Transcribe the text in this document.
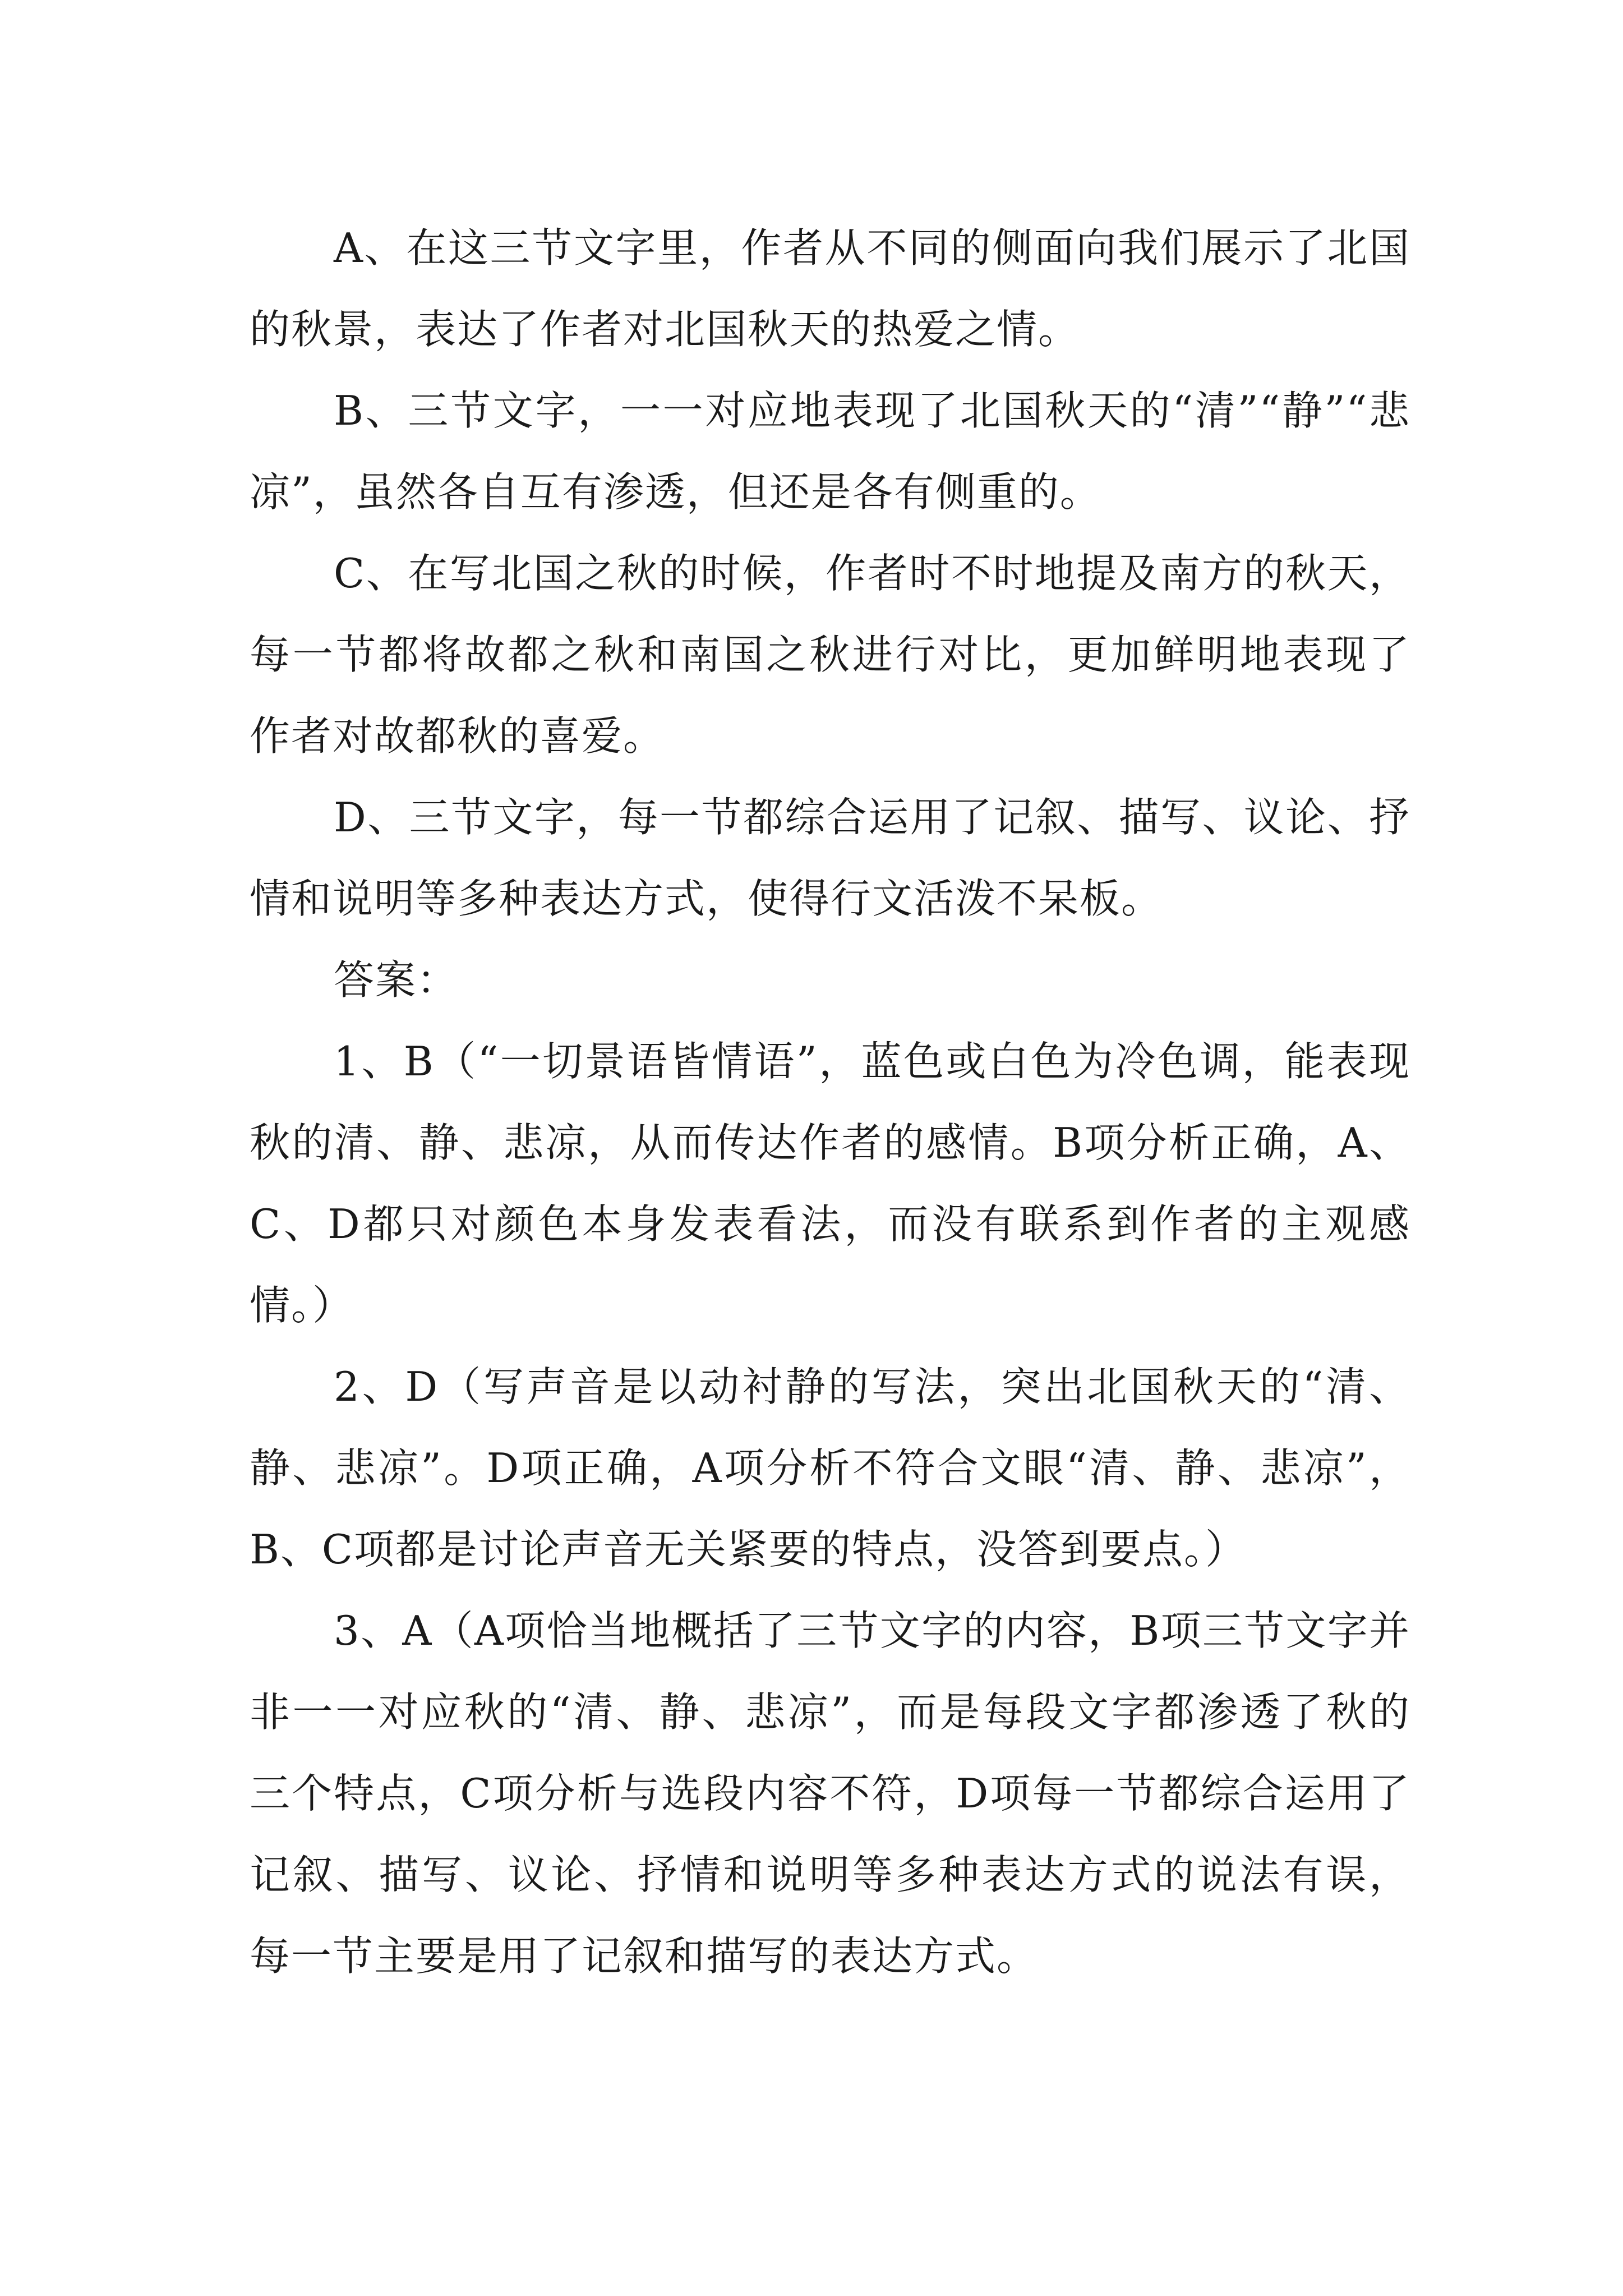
A、在这三节文字里，作者从不同的侧面向我们展示了北国的秋景，表达了作者对北国秋天的热爱之情。

B、三节文字，一一对应地表现了北国秋天的“清”“静”“悲凉”，虽然各自互有渗透，但还是各有侧重的。

C、在写北国之秋的时候，作者时不时地提及南方的秋天，每一节都将故都之秋和南国之秋进行对比，更加鲜明地表现了作者对故都秋的喜爱。

D、三节文字，每一节都综合运用了记叙、描写、议论、抒情和说明等多种表达方式，使得行文活泼不呆板。

答案：

1、B（“一切景语皆情语”，蓝色或白色为冷色调，能表现秋的清、静、悲凉，从而传达作者的感情。B项分析正确，A、C、D都只对颜色本身发表看法，而没有联系到作者的主观感情。）

2、D（写声音是以动衬静的写法，突出北国秋天的“清、静、悲凉”。D项正确，A项分析不符合文眼“清、静、悲凉”，B、C项都是讨论声音无关紧要的特点，没答到要点。）

3、A（A项恰当地概括了三节文字的内容，B项三节文字并非一一对应秋的“清、静、悲凉”，而是每段文字都渗透了秋的三个特点，C项分析与选段内容不符，D项每一节都综合运用了记叙、描写、议论、抒情和说明等多种表达方式的说法有误，每一节主要是用了记叙和描写的表达方式。
